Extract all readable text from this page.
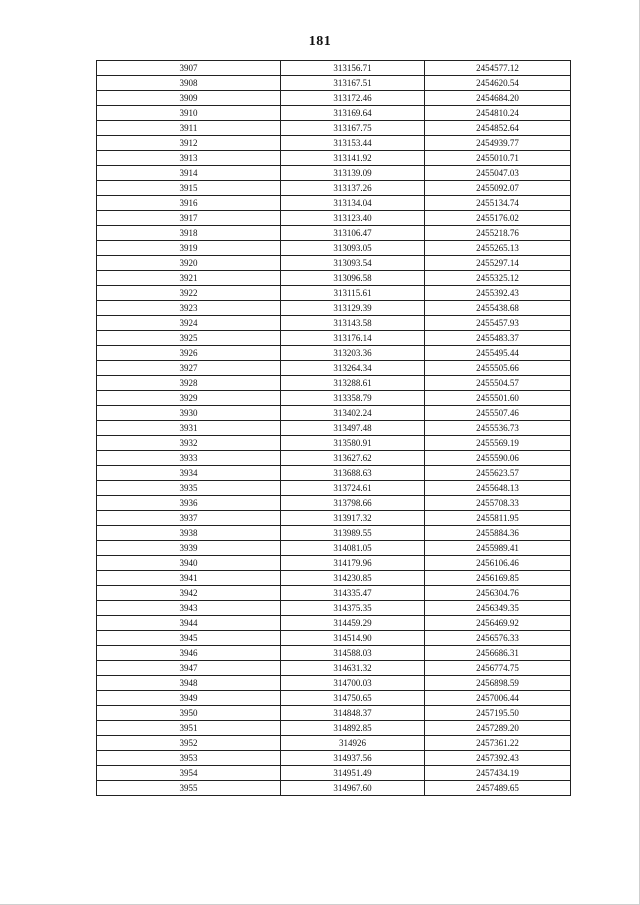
181
3907	313156.71	2454577.12
3908	313167.51	2454620.54
3909	313172.46	2454684.20
3910	313169.64	2454810.24
3911	313167.75	2454852.64
3912	313153.44	2454939.77
3913	313141.92	2455010.71
3914	313139.09	2455047.03
3915	313137.26	2455092.07
3916	313134.04	2455134.74
3917	313123.40	2455176.02
3918	313106.47	2455218.76
3919	313093.05	2455265.13
3920	313093.54	2455297.14
3921	313096.58	2455325.12
3922	313115.61	2455392.43
3923	313129.39	2455438.68
3924	313143.58	2455457.93
3925	313176.14	2455483.37
3926	313203.36	2455495.44
3927	313264.34	2455505.66
3928	313288.61	2455504.57
3929	313358.79	2455501.60
3930	313402.24	2455507.46
3931	313497.48	2455536.73
3932	313580.91	2455569.19
3933	313627.62	2455590.06
3934	313688.63	2455623.57
3935	313724.61	2455648.13
3936	313798.66	2455708.33
3937	313917.32	2455811.95
3938	313989.55	2455884.36
3939	314081.05	2455989.41
3940	314179.96	2456106.46
3941	314230.85	2456169.85
3942	314335.47	2456304.76
3943	314375.35	2456349.35
3944	314459.29	2456469.92
3945	314514.90	2456576.33
3946	314588.03	2456686.31
3947	314631.32	2456774.75
3948	314700.03	2456898.59
3949	314750.65	2457006.44
3950	314848.37	2457195.50
3951	314892.85	2457289.20
3952	314926	2457361.22
3953	314937.56	2457392.43
3954	314951.49	2457434.19
3955	314967.60	2457489.65
